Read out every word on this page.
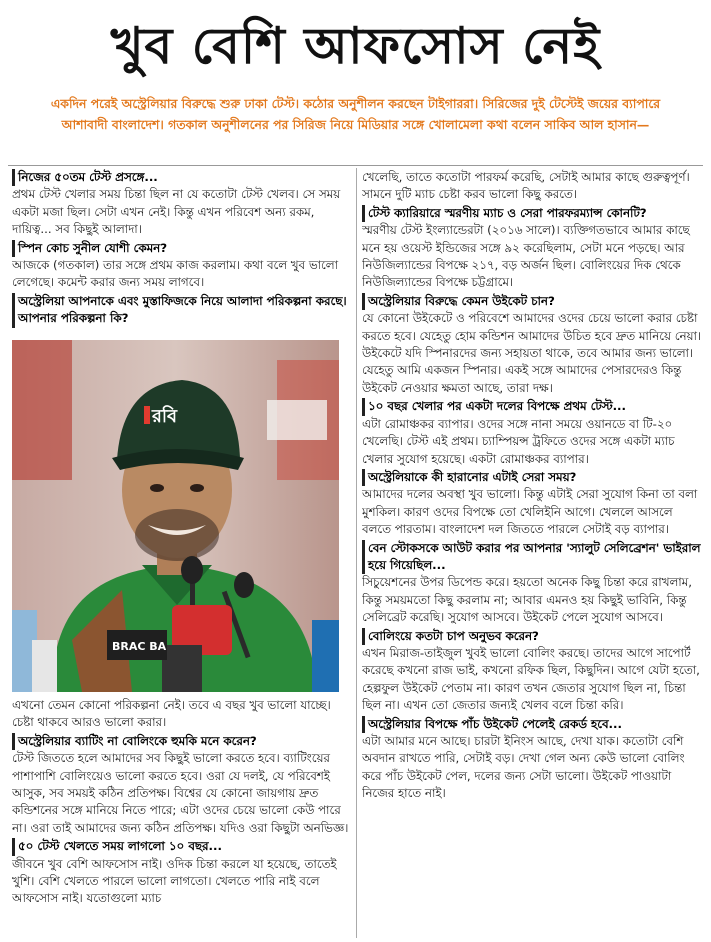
খুব বেশি আফসোস নেই
একদিন পরেই অস্ট্রেলিয়ার বিরুদ্ধে শুরু ঢাকা টেস্ট। কঠোর অনুশীলন করছেন টাইগাররা। সিরিজের দুই টেস্টেই জয়ের ব্যাপারে আশাবাদী বাংলাদেশ। গতকাল অনুশীলনের পর সিরিজ নিয়ে মিডিয়ার সঙ্গে খোলামেলা কথা বলেন সাকিব আল হাসান—

নিজের ৫০তম টেস্ট প্রসঙ্গে...

প্রথম টেস্ট খেলার সময় চিন্তা ছিল না যে কতোটা টেস্ট খেলব। সে সময় একটা মজা ছিল। সেটা এখন নেই। কিন্তু এখন পরিবেশ অন্য রকম, দায়িত্ব... সব কিছুই আলাদা।

স্পিন কোচ সুনীল যোশী কেমন?

আজকে (গতকাল) তার সঙ্গে প্রথম কাজ করলাম। কথা বলে খুব ভালো লেগেছে। কমেন্ট করার জন্য সময় লাগবে।

অস্ট্রেলিয়া আপনাকে এবং মুস্তাফিজকে নিয়ে আলাদা পরিকল্পনা করছে। আপনার পরিকল্পনা কি?

রবি
BRAC BA

এখনো তেমন কোনো পরিকল্পনা নেই। তবে এ বছর খুব ভালো যাচ্ছে। চেষ্টা থাকবে আরও ভালো করার।

অস্ট্রেলিয়ার ব্যাটিং না বোলিংকে হুমকি মনে করেন?

টেস্ট জিততে হলে আমাদের সব কিছুই ভালো করতে হবে। ব্যাটিংয়ের পাশাপাশি বোলিংয়েও ভালো করতে হবে। ওরা যে দলই, যে পরিবেশই আসুক, সব সময়ই কঠিন প্রতিপক্ষ। বিশ্বের যে কোনো জায়গায় দ্রুত কন্ডিশনের সঙ্গে মানিয়ে নিতে পারে; এটা ওদের চেয়ে ভালো কেউ পারে না। ওরা তাই আমাদের জন্য কঠিন প্রতিপক্ষ। যদিও ওরা কিছুটা অনভিজ্ঞ।

৫০ টেস্ট খেলতে সময় লাগলো ১০ বছর...

জীবনে খুব বেশি আফসোস নাই। ওদিক চিন্তা করলে যা হয়েছে, তাতেই খুশি। বেশি খেলতে পারলে ভালো লাগতো। খেলতে পারি নাই বলে আফসোস নাই। যতোগুলো ম্যাচ

খেলেছি, তাতে কতোটা পারফর্ম করেছি, সেটাই আমার কাছে গুরুত্বপূর্ণ। সামনে দুটি ম্যাচ চেষ্টা করব ভালো কিছু করতে।

টেস্ট ক্যারিয়ারে স্মরণীয় ম্যাচ ও সেরা পারফরম্যান্স কোনটি?

স্মরণীয় টেস্ট ইংল্যান্ডেরটা (২০১৬ সালে)। ব্যক্তিগতভাবে আমার কাছে মনে হয় ওয়েস্ট ইন্ডিজের সঙ্গে ৯২ করেছিলাম, সেটা মনে পড়ছে। আর নিউজিল্যান্ডের বিপক্ষে ২১৭, বড় অর্জন ছিল। বোলিংয়ের দিক থেকে নিউজিল্যান্ডের বিপক্ষে চট্টগ্রামে।

অস্ট্রেলিয়ার বিরুদ্ধে কেমন উইকেট চান?

যে কোনো উইকেটে ও পরিবেশে আমাদের ওদের চেয়ে ভালো করার চেষ্টা করতে হবে। যেহেতু হোম কন্ডিশন আমাদের উচিত হবে দ্রুত মানিয়ে নেয়া। উইকেটে যদি স্পিনারদের জন্য সহায়তা থাকে, তবে আমার জন্য ভালো। যেহেতু আমি একজন স্পিনার। একই সঙ্গে আমাদের পেসারদেরও কিন্তু উইকেট নেওয়ার ক্ষমতা আছে, তারা দক্ষ।

১০ বছর খেলার পর একটা দলের বিপক্ষে প্রথম টেস্ট...

এটা রোমাঞ্চকর ব্যাপার। ওদের সঙ্গে নানা সময়ে ওয়ানডে বা টি-২০ খেলেছি। টেস্ট এই প্রথম। চ্যাম্পিয়ন্স ট্রফিতে ওদের সঙ্গে একটা ম্যাচ খেলার সুযোগ হয়েছে। একটা রোমাঞ্চকর ব্যাপার।

অস্ট্রেলিয়াকে কী হারানোর এটাই সেরা সময়?

আমাদের দলের অবস্থা খুব ভালো। কিন্তু এটাই সেরা সুযোগ কিনা তা বলা মুশকিল। কারণ ওদের বিপক্ষে তো খেলিইনি আগে। খেললে আসলে বলতে পারতাম। বাংলাদেশ দল জিততে পারলে সেটাই বড় ব্যাপার।

বেন স্টোকসকে আউট করার পর আপনার 'স্যালুট সেলিব্রেশন' ভাইরাল হয়ে গিয়েছিল...

সিচুয়েশনের উপর ডিপেন্ড করে। হয়তো অনেক কিছু চিন্তা করে রাখলাম, কিন্তু সময়মতো কিছু করলাম না; আবার এমনও হয় কিছুই ভাবিনি, কিন্তু সেলিব্রেট করেছি। সুযোগ আসবে। উইকেট পেলে সুযোগ আসবে।

বোলিংয়ে কতটা চাপ অনুভব করেন?

এখন মিরাজ-তাইজুল খুবই ভালো বোলিং করছে। তাদের আগে সাপোর্ট করেছে কখনো রাজ ভাই, কখনো রফিক ছিল, কিছুদিন। আগে যেটা হতো, হেল্পফুল উইকেট পেতাম না। কারণ তখন জেতার সুযোগ ছিল না, চিন্তা ছিল না। এখন তো জেতার জন্যই খেলব বলে চিন্তা করি।

অস্ট্রেলিয়ার বিপক্ষে পাঁচ উইকেট পেলেই রেকর্ড হবে...

এটা আমার মনে আছে। চারটা ইনিংস আছে, দেখা যাক। কতোটা বেশি অবদান রাখতে পারি, সেটাই বড়। দেখা গেল অন্য কেউ ভালো বোলিং করে পাঁচ উইকেট পেল, দলের জন্য সেটা ভালো। উইকেট পাওয়াটা নিজের হাতে নাই।
